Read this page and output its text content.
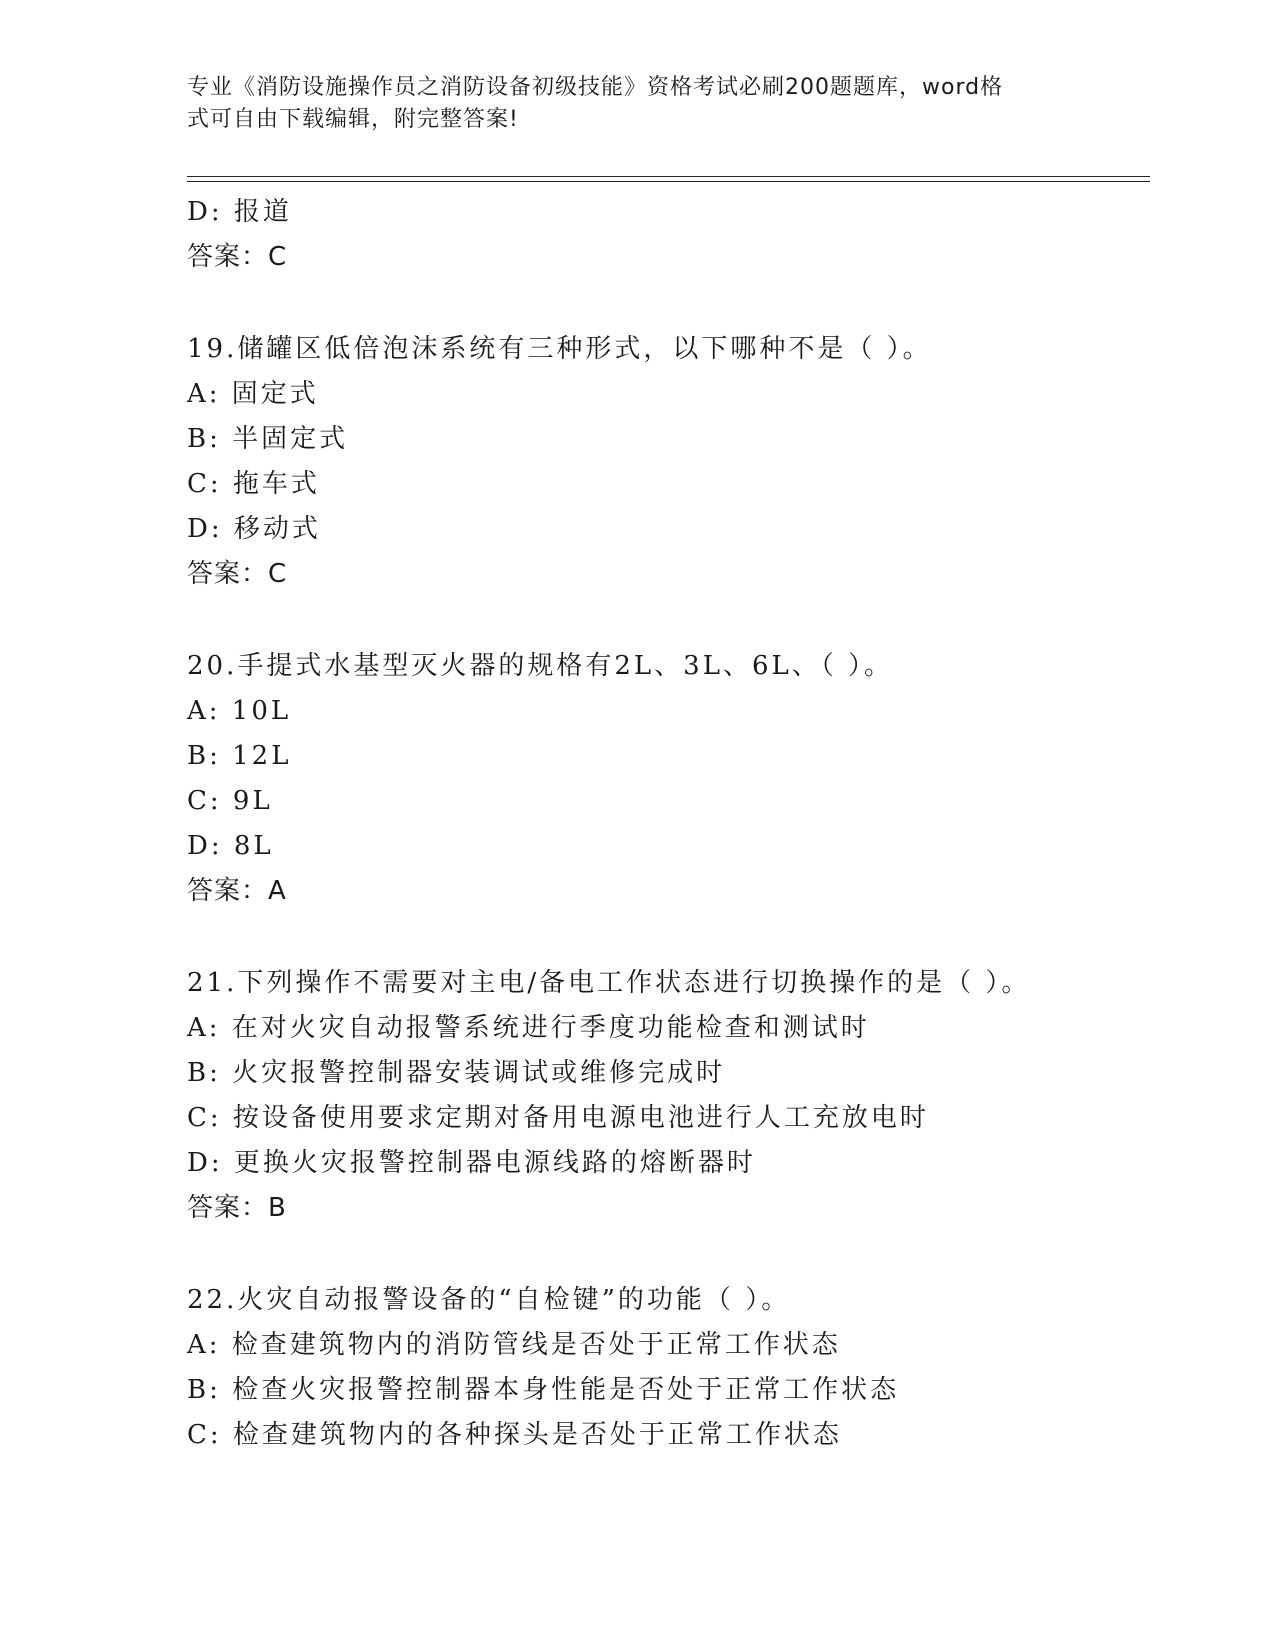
专业《消防设施操作员之消防设备初级技能》资格考试必刷200题题库，word格
式可自由下载编辑，附完整答案!
D: 报道
答案：C
19.储罐区低倍泡沫系统有三种形式，以下哪种不是（ ）。
A: 固定式
B: 半固定式
C: 拖车式
D: 移动式
答案：C
20.手提式水基型灭火器的规格有2L、3L、6L、（ ）。
A: 10L
B: 12L
C: 9L
D: 8L
答案：A
21.下列操作不需要对主电/备电工作状态进行切换操作的是（ ）。
A: 在对火灾自动报警系统进行季度功能检查和测试时
B: 火灾报警控制器安装调试或维修完成时
C: 按设备使用要求定期对备用电源电池进行人工充放电时
D: 更换火灾报警控制器电源线路的熔断器时
答案：B
22.火灾自动报警设备的“自检键”的功能（ ）。
A: 检查建筑物内的消防管线是否处于正常工作状态
B: 检查火灾报警控制器本身性能是否处于正常工作状态
C: 检查建筑物内的各种探头是否处于正常工作状态
